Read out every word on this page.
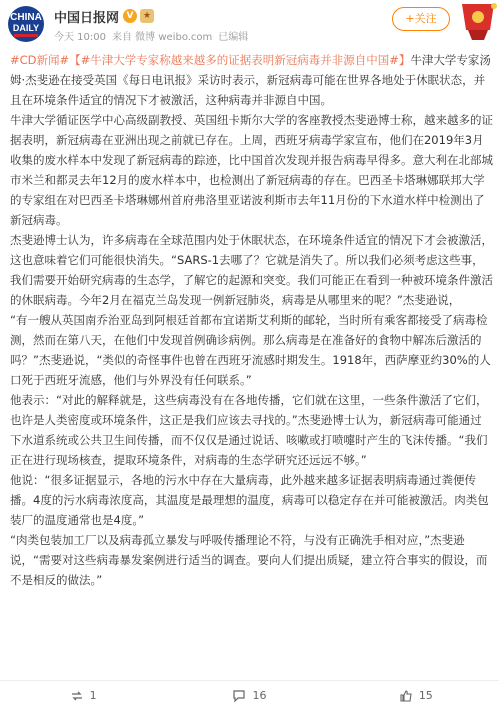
CHINA
DAILY
中国日报网 V	★
今天 10:00 来自 微博 weibo.com 已编辑
+关注

#CD新闻#【#牛津大学专家称越来越多的证据表明新冠病毒并非源自中国#】牛津大学专家汤姆·杰斐逊在接受英国《每日电讯报》采访时表示，新冠病毒可能在世界各地处于休眠状态，并且在环境条件适宜的情况下才被激活，这种病毒并非源自中国。

牛津大学循证医学中心高级副教授、英国纽卡斯尔大学的客座教授杰斐逊博士称，越来越多的证据表明，新冠病毒在亚洲出现之前就已存在。上周，西班牙病毒学家宣布，他们在2019年3月收集的废水样本中发现了新冠病毒的踪迹，比中国首次发现并报告病毒早得多。意大利在北部城市米兰和都灵去年12月的废水样本中，也检测出了新冠病毒的存在。巴西圣卡塔琳娜联邦大学的专家组在对巴西圣卡塔琳娜州首府弗洛里亚诺波利斯市去年11月份的下水道水样中检测出了新冠病毒。

杰斐逊博士认为，许多病毒在全球范围内处于休眠状态，在环境条件适宜的情况下才会被激活，这也意味着它们可能很快消失。“SARS-1去哪了？它就是消失了。所以我们必须考虑这些事，我们需要开始研究病毒的生态学，了解它的起源和突变。我们可能正在看到一种被环境条件激活的休眠病毒。今年2月在福克兰岛发现一例新冠肺炎，病毒是从哪里来的呢？”杰斐逊说，

“有一艘从英国南乔治亚岛到阿根廷首都布宜诺斯艾利斯的邮轮，当时所有乘客都接受了病毒检测，然而在第八天，在他们中发现首例确诊病例。那么病毒是在准备好的食物中解冻后激活的吗？”杰斐逊说，“类似的奇怪事件也曾在西班牙流感时期发生。1918年，西萨摩亚约30%的人口死于西班牙流感，他们与外界没有任何联系。”

他表示：“对此的解释就是，这些病毒没有在各地传播，它们就在这里，一些条件激活了它们，也许是人类密度或环境条件，这正是我们应该去寻找的。”杰斐逊博士认为，新冠病毒可能通过下水道系统或公共卫生间传播，而不仅仅是通过说话、咳嗽或打喷嚏时产生的飞沫传播。“我们正在进行现场核查，提取环境条件，对病毒的生态学研究还远远不够。”

他说：“很多证据显示，各地的污水中存在大量病毒，此外越来越多证据表明病毒通过粪便传播。4度的污水病毒浓度高，其温度是最理想的温度，病毒可以稳定存在并可能被激活。肉类包装厂的温度通常也是4度。”

“肉类包装加工厂以及病毒孤立暴发与呼吸传播理论不符，与没有正确洗手相对应，”杰斐逊说，“需要对这些病毒暴发案例进行适当的调查。要向人们提出质疑，建立符合事实的假设，而不是相反的做法。”

1	16	15
